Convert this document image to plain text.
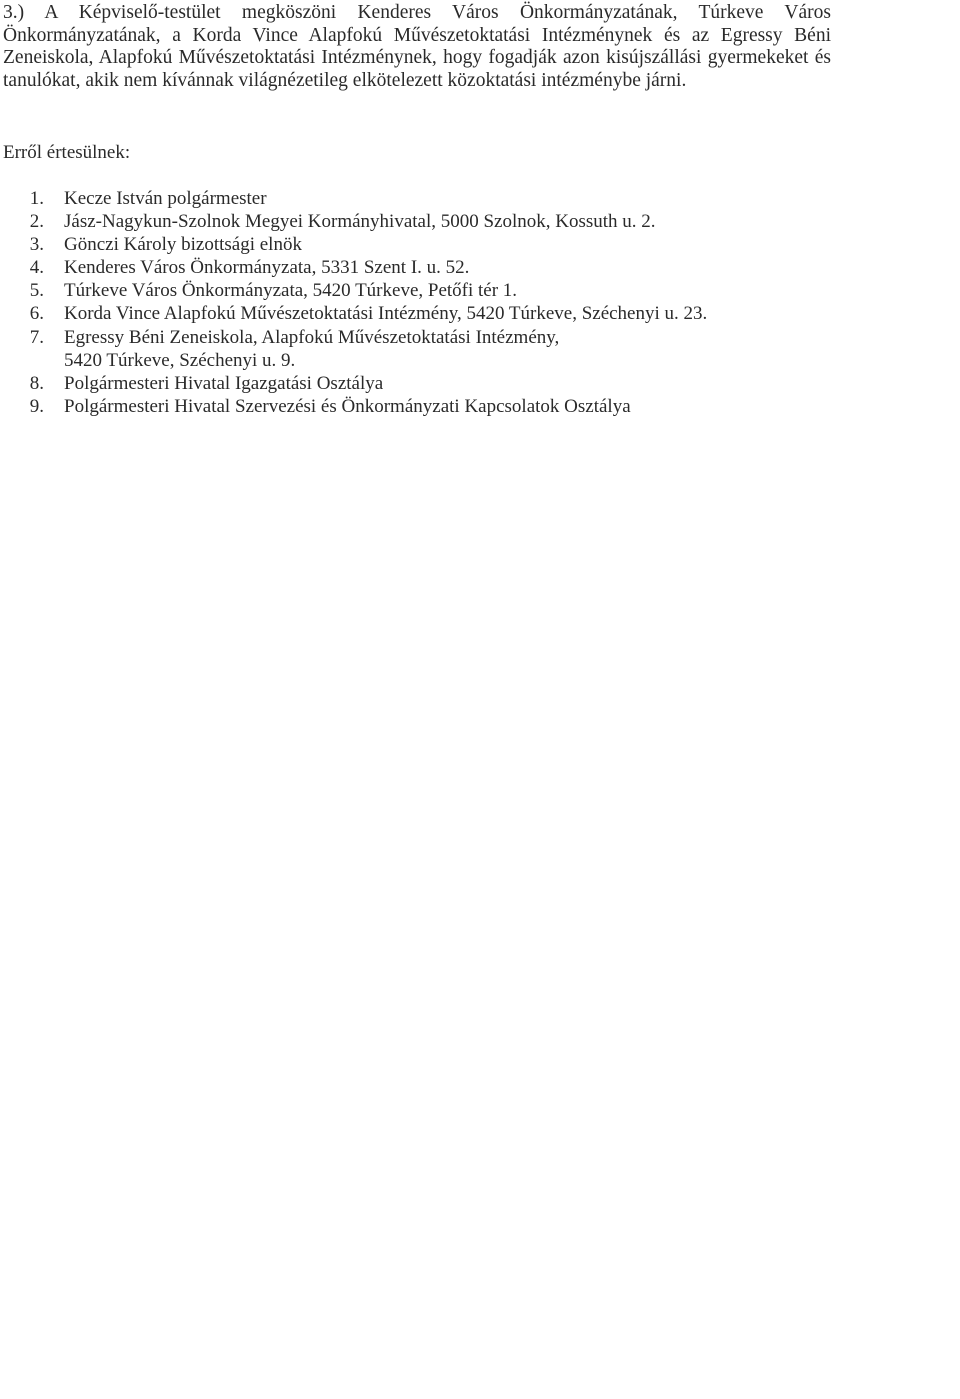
3.) A Képviselő-testület megköszöni Kenderes Város Önkormányzatának, Túrkeve Város Önkormányzatának, a Korda Vince Alapfokú Művészetoktatási Intézménynek és az Egressy Béni Zeneiskola, Alapfokú Művészetoktatási Intézménynek, hogy fogadják azon kisújszállási gyermekeket és tanulókat, akik nem kívánnak világnézetileg elkötelezett közoktatási intézménybe járni.

Erről értesülnek:

1.	Kecze István polgármester
2.	Jász-Nagykun-Szolnok Megyei Kormányhivatal, 5000 Szolnok, Kossuth u. 2.
3.	Gönczi Károly bizottsági elnök
4.	Kenderes Város Önkormányzata, 5331 Szent I. u. 52.
5.	Túrkeve Város Önkormányzata, 5420 Túrkeve, Petőfi tér 1.
6.	Korda Vince Alapfokú Művészetoktatási Intézmény, 5420 Túrkeve, Széchenyi u. 23.
7.	Egressy Béni Zeneiskola, Alapfokú Művészetoktatási Intézmény,
5420 Túrkeve, Széchenyi u. 9.
8.	Polgármesteri Hivatal Igazgatási Osztálya
9.	Polgármesteri Hivatal Szervezési és Önkormányzati Kapcsolatok Osztálya
